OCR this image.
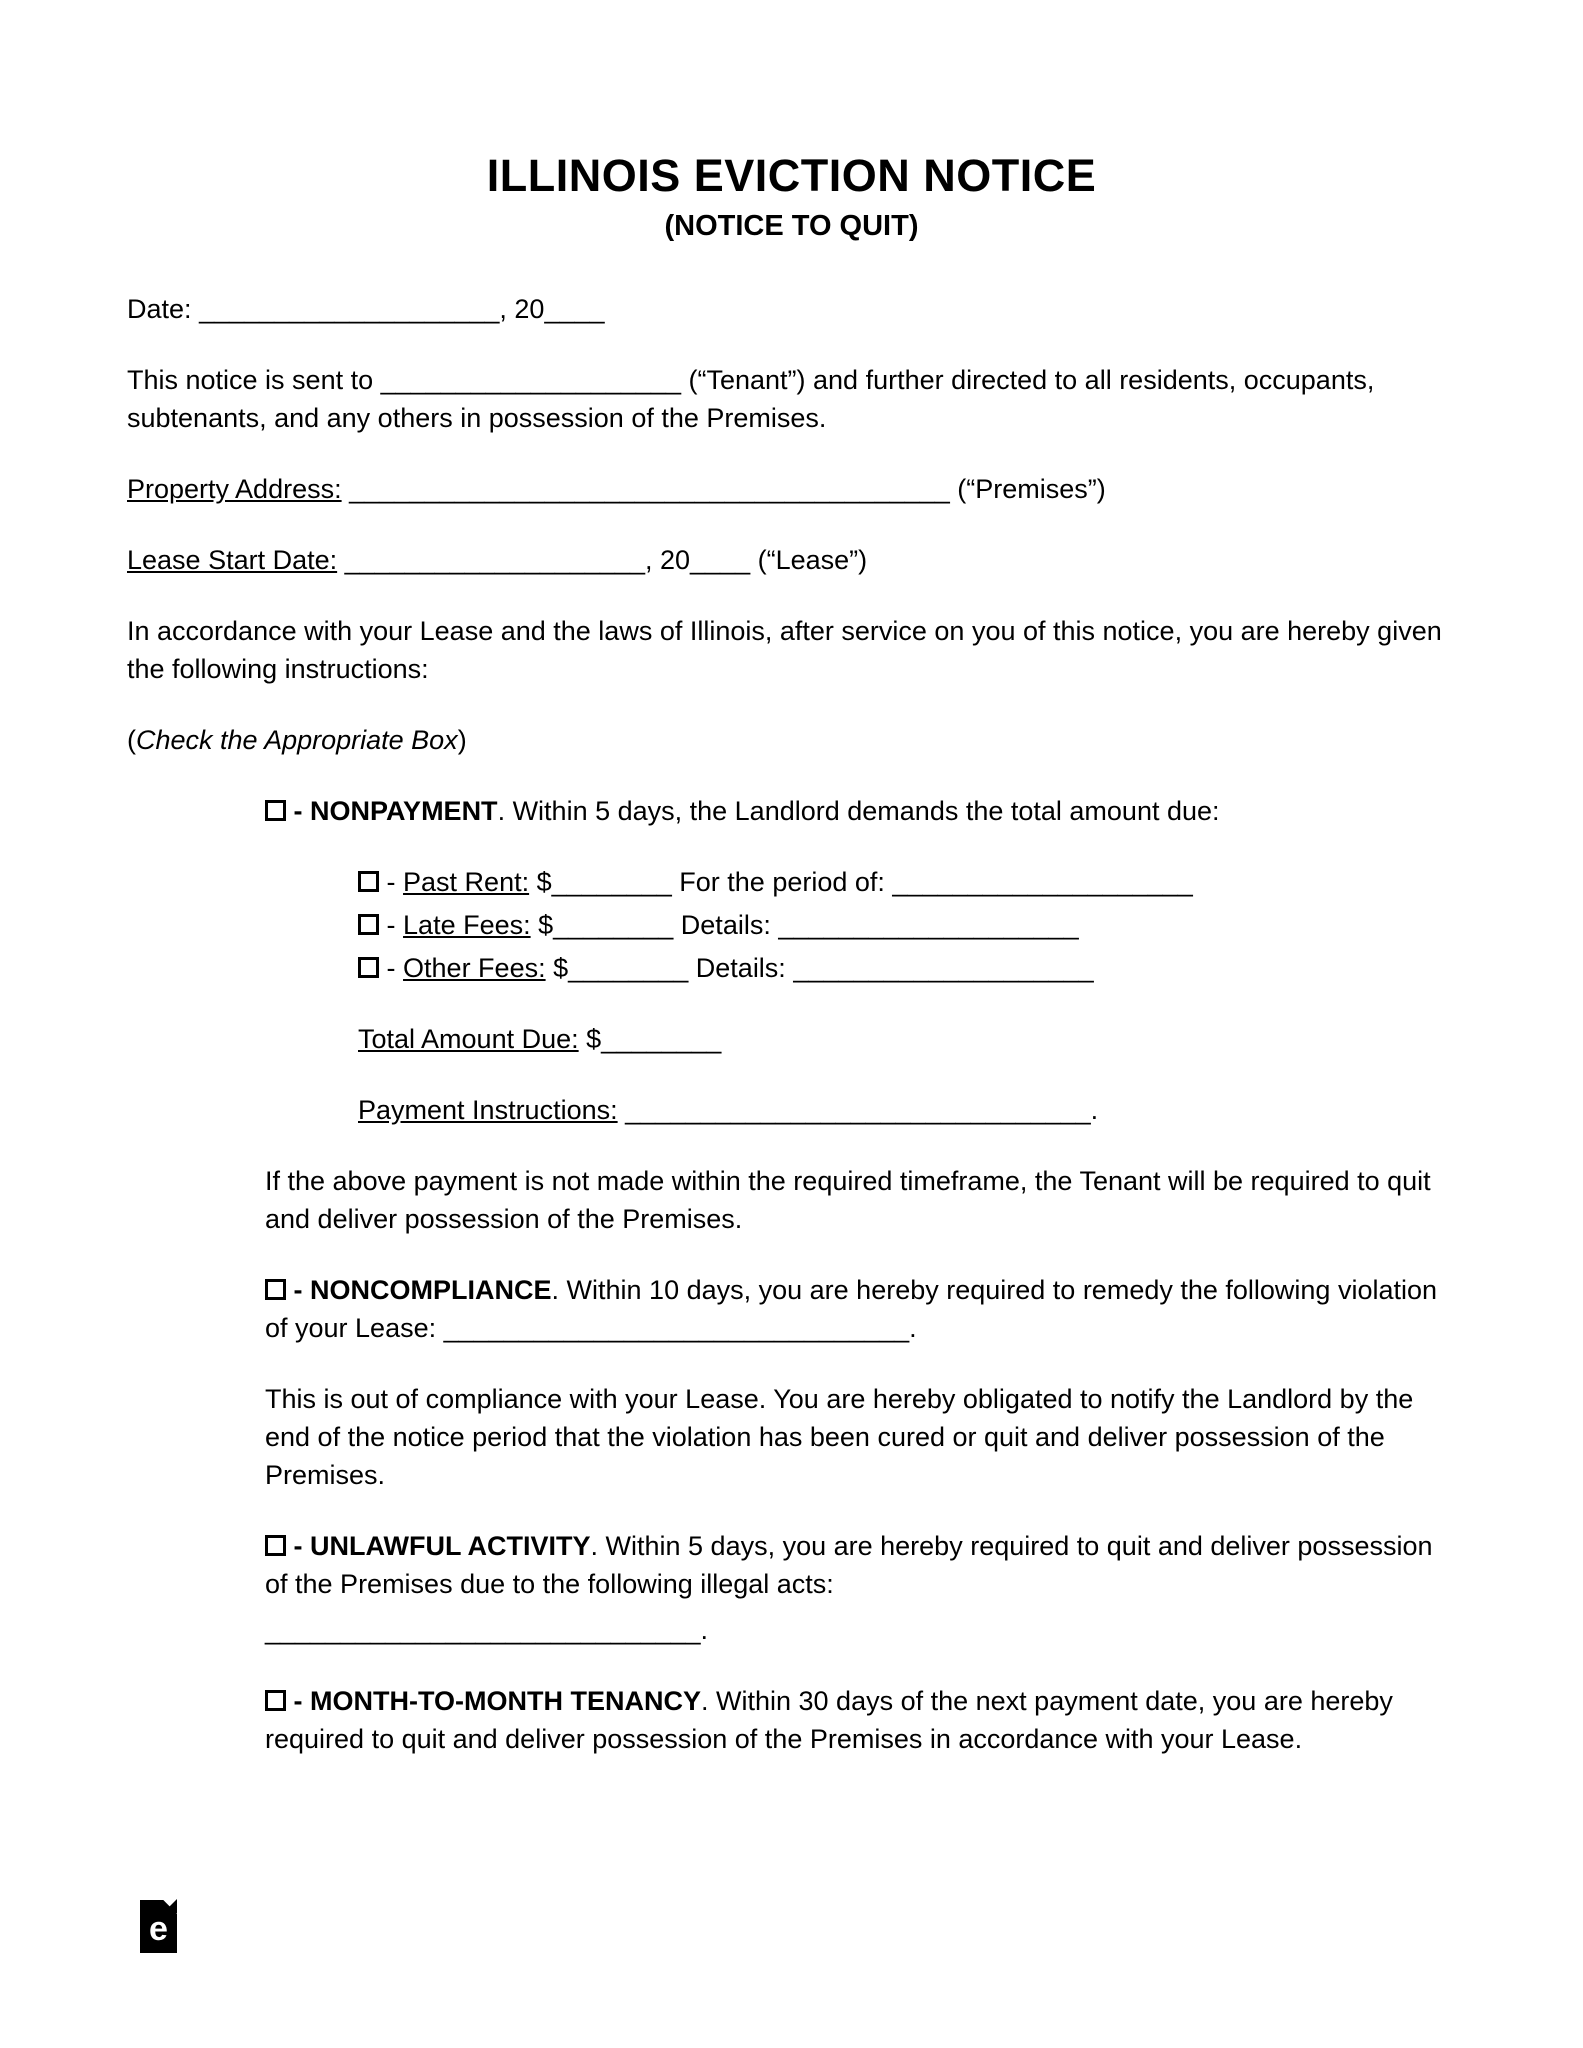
ILLINOIS EVICTION NOTICE
(NOTICE TO QUIT)

Date: ____________________, 20____

This notice is sent to ____________________ (“Tenant”) and further directed to all residents, occupants, subtenants, and any others in possession of the Premises.

Property Address: ________________________________________ (“Premises”)

Lease Start Date: ____________________, 20____ (“Lease”)

In accordance with your Lease and the laws of Illinois, after service on you of this notice, you are hereby given the following instructions:

(Check the Appropriate Box)

- NONPAYMENT. Within 5 days, the Landlord demands the total amount due:

- Past Rent: $________ For the period of: ____________________

- Late Fees: $________ Details: ____________________

- Other Fees: $________ Details: ____________________

Total Amount Due: $________

Payment Instructions: _______________________________.

If the above payment is not made within the required timeframe, the Tenant will be required to quit and deliver possession of the Premises.

- NONCOMPLIANCE. Within 10 days, you are hereby required to remedy the following violation of your Lease: _______________________________.

This is out of compliance with your Lease. You are hereby obligated to notify the Landlord by the end of the notice period that the violation has been cured or quit and deliver possession of the Premises.

- UNLAWFUL ACTIVITY. Within 5 days, you are hereby required to quit and deliver possession of the Premises due to the following illegal acts:

_____________________________.

- MONTH-TO-MONTH TENANCY. Within 30 days of the next payment date, you are hereby required to quit and deliver possession of the Premises in accordance with your Lease.

e
